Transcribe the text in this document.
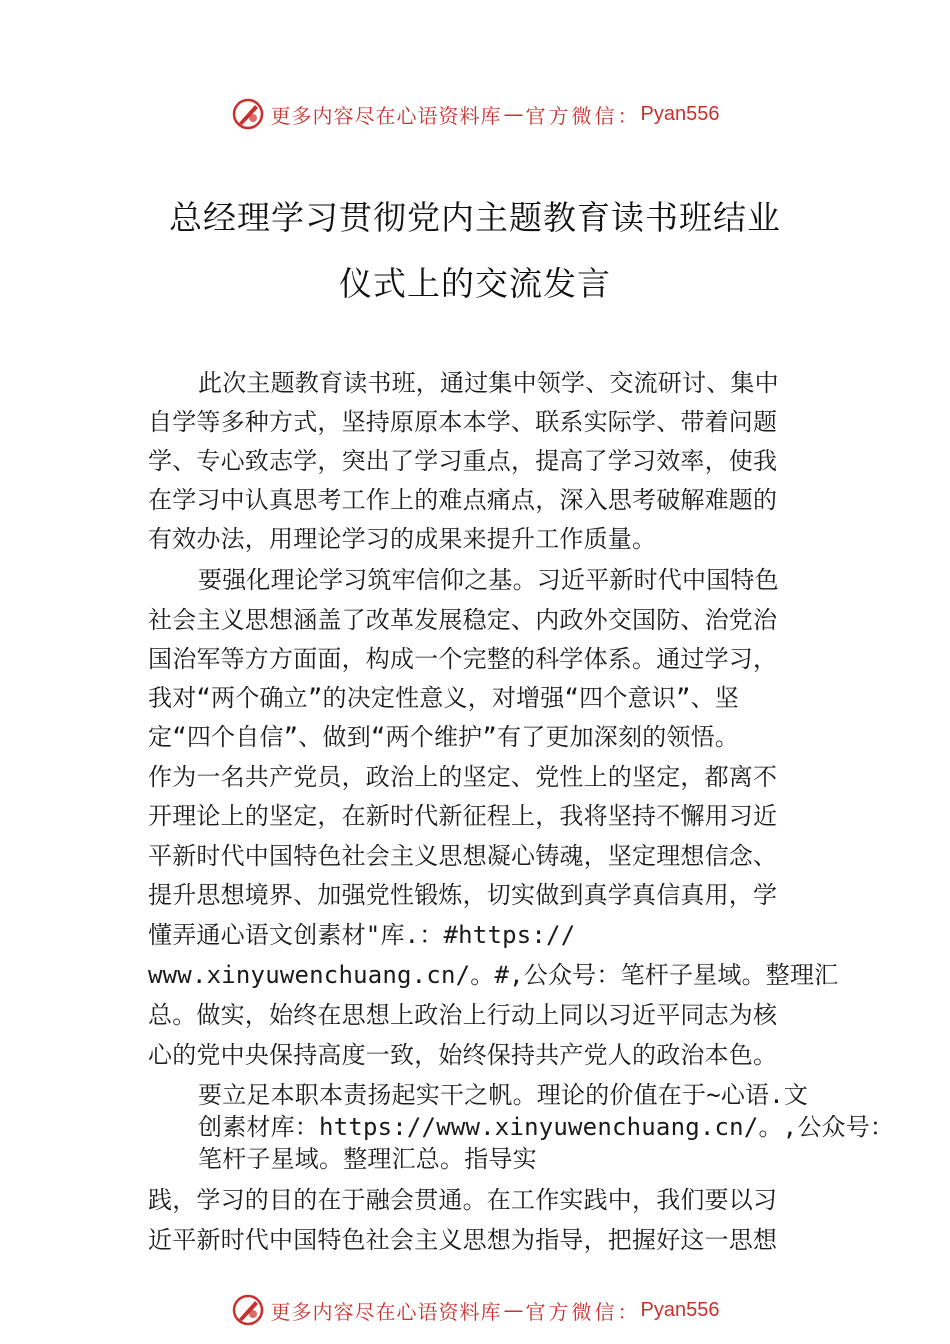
更多内容尽在心语资料库 — 官方微信： Pyan556
总经理学习贯彻党内主题教育读书班结业
仪式上的交流发言
此次主题教育读书班，通过集中领学、交流研讨、集中
自学等多种方式，坚持原原本本学、联系实际学、带着问题
学、专心致志学，突出了学习重点，提高了学习效率，使我
在学习中认真思考工作上的难点痛点，深入思考破解难题的
有效办法，用理论学习的成果来提升工作质量。
要强化理论学习筑牢信仰之基。习近平新时代中国特色
社会主义思想涵盖了改革发展稳定、内政外交国防、治党治
国治军等方方面面，构成一个完整的科学体系。通过学习，
我对“两个确立”的决定性意义，对增强“四个意识”、坚
定“四个自信”、做到“两个维护”有了更加深刻的领悟。
作为一名共产党员，政治上的坚定、党性上的坚定，都离不
开理论上的坚定，在新时代新征程上，我将坚持不懈用习近
平新时代中国特色社会主义思想凝心铸魂，坚定理想信念、
提升思想境界、加强党性锻炼，切实做到真学真信真用，学
懂弄通心语文创素材"库.：#https://
www.xinyuwenchuang.cn/。#,公众号：笔杆子星域。整理汇
总。做实，始终在思想上政治上行动上同以习近平同志为核
心的党中央保持高度一致，始终保持共产党人的政治本色。
要立足本职本责扬起实干之帆。理论的价值在于~心语.文
创素材库：https://www.xinyuwenchuang.cn/。,公众号：
笔杆子星域。整理汇总。指导实
践，学习的目的在于融会贯通。在工作实践中，我们要以习
近平新时代中国特色社会主义思想为指导，把握好这一思想
更多内容尽在心语资料库 — 官方微信： Pyan556
